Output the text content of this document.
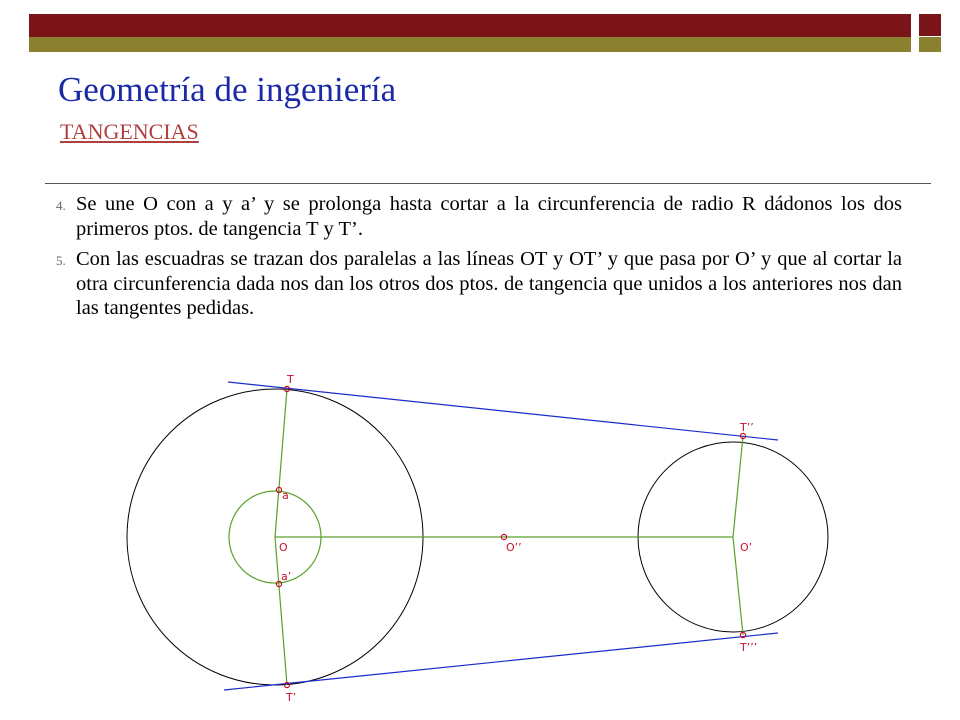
Geometría de ingeniería
TANGENCIAS
4. Se une O con a y a’ y se prolonga hasta cortar a la circunferencia de radio R dádonos los dos primeros ptos. de tangencia T y T’.
5. Con las escuadras se trazan dos paralelas a las líneas OT y OT’ y que pasa por O’ y que al cortar la otra circunferencia dada nos dan los otros dos ptos. de tangencia que unidos a los anteriores nos dan las tangentes pedidas.
T
a
O
a’
T’
O’’	O’
T’’
T’’’
